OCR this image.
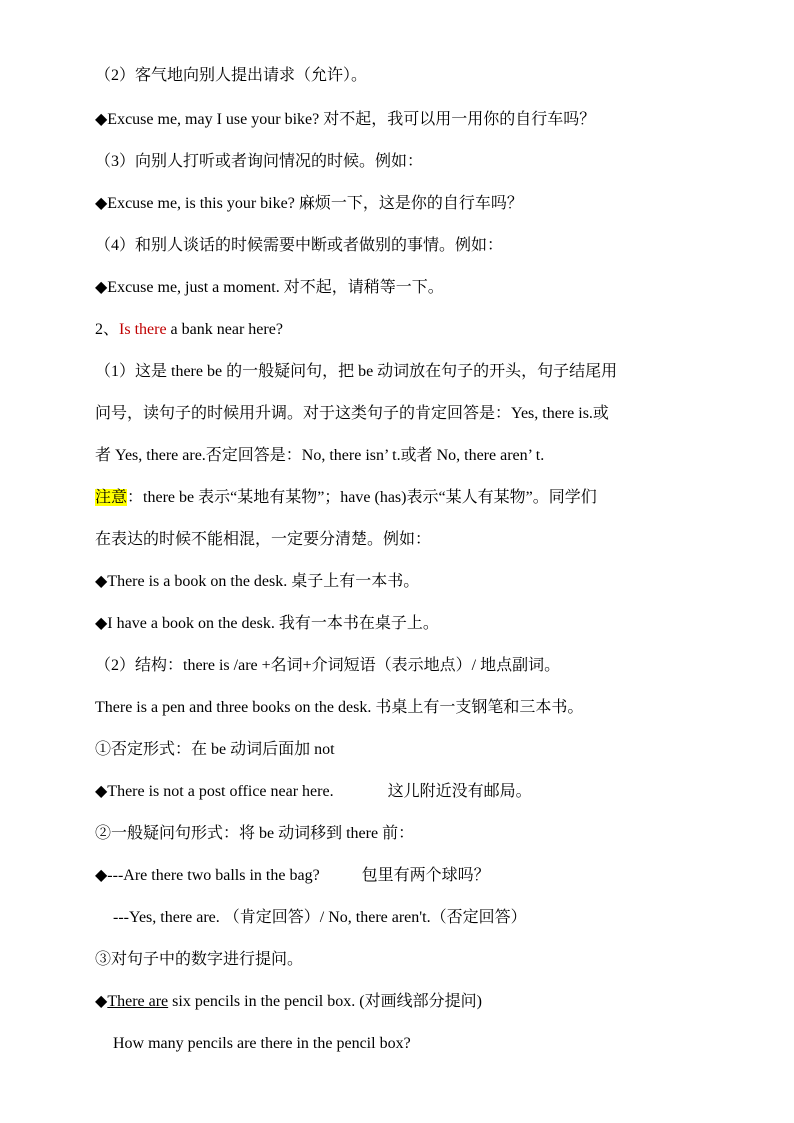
（2）客气地向别人提出请求（允许）。
◆Excuse me, may I use your bike? 对不起，我可以用一用你的自行车吗？
（3）向别人打听或者询问情况的时候。例如：
◆Excuse me, is this your bike? 麻烦一下，这是你的自行车吗？
（4）和别人谈话的时候需要中断或者做别的事情。例如：
◆Excuse me, just a moment. 对不起，请稍等一下。
2、Is there a bank near here?
（1）这是 there be 的一般疑问句，把 be 动词放在句子的开头，句子结尾用
问号，读句子的时候用升调。对于这类句子的肯定回答是：Yes, there is.或
者 Yes, there are.否定回答是：No, there isn’ t.或者 No, there aren’ t.
注意：there be 表示“某地有某物”；have (has)表示“某人有某物”。同学们
在表达的时候不能相混，一定要分清楚。例如：
◆There is a book on the desk. 桌子上有一本书。
◆I have a book on the desk. 我有一本书在桌子上。
（2）结构：there is /are +名词+介词短语（表示地点）/ 地点副词。
There is a pen and three books on the desk. 书桌上有一支钢笔和三本书。
①否定形式：在 be 动词后面加 not
◆There is not a post office near here.	这儿附近没有邮局。
②一般疑问句形式：将 be 动词移到 there 前：
◆---Are there two balls in the bag?	包里有两个球吗？
---Yes, there are. （肯定回答）/ No, there aren't.（否定回答）
③对句子中的数字进行提问。
◆There are six pencils in the pencil box. (对画线部分提问)
How many pencils are there in the pencil box?
